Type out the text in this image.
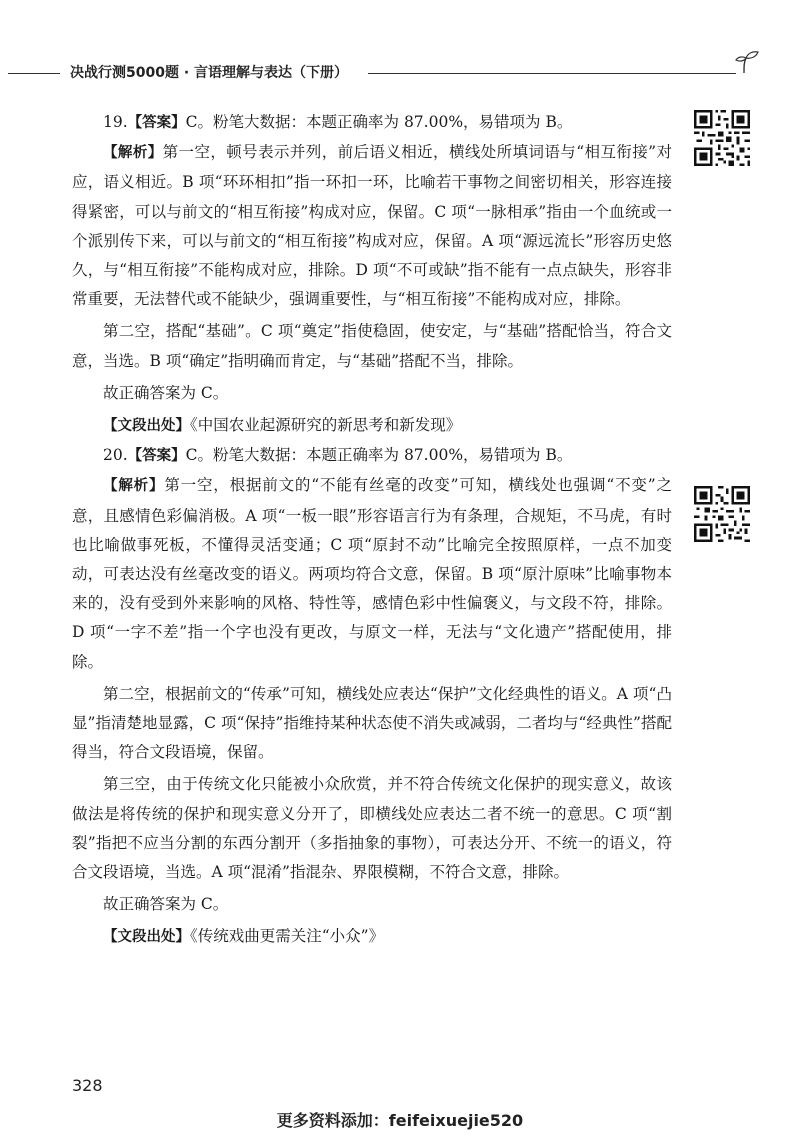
决战行测5000题 · 言语理解与表达（下册）

19.【答案】C。粉笔大数据：本题正确率为 87.00%，易错项为 B。

【解析】第一空，顿号表示并列，前后语义相近，横线处所填词语与“相互衔接”对应，语义相近。B 项“环环相扣”指一环扣一环，比喻若干事物之间密切相关，形容连接得紧密，可以与前文的“相互衔接”构成对应，保留。C 项“一脉相承”指由一个血统或一个派别传下来，可以与前文的“相互衔接”构成对应，保留。A 项“源远流长”形容历史悠久，与“相互衔接”不能构成对应，排除。D 项“不可或缺”指不能有一点点缺失，形容非常重要，无法替代或不能缺少，强调重要性，与“相互衔接”不能构成对应，排除。

第二空，搭配“基础”。C 项“奠定”指使稳固，使安定，与“基础”搭配恰当，符合文意，当选。B 项“确定”指明确而肯定，与“基础”搭配不当，排除。

故正确答案为 C。

【文段出处】《中国农业起源研究的新思考和新发现》

20.【答案】C。粉笔大数据：本题正确率为 87.00%，易错项为 B。

【解析】第一空，根据前文的“不能有丝毫的改变”可知，横线处也强调“不变”之意，且感情色彩偏消极。A 项“一板一眼”形容语言行为有条理，合规矩，不马虎，有时也比喻做事死板，不懂得灵活变通；C 项“原封不动”比喻完全按照原样，一点不加变动，可表达没有丝毫改变的语义。两项均符合文意，保留。B 项“原汁原味”比喻事物本来的，没有受到外来影响的风格、特性等，感情色彩中性偏褒义，与文段不符，排除。D 项“一字不差”指一个字也没有更改，与原文一样，无法与“文化遗产”搭配使用，排除。

第二空，根据前文的“传承”可知，横线处应表达“保护”文化经典性的语义。A 项“凸显”指清楚地显露，C 项“保持”指维持某种状态使不消失或减弱，二者均与“经典性”搭配得当，符合文段语境，保留。

第三空，由于传统文化只能被小众欣赏，并不符合传统文化保护的现实意义，故该做法是将传统的保护和现实意义分开了，即横线处应表达二者不统一的意思。C 项“割裂”指把不应当分割的东西分割开（多指抽象的事物），可表达分开、不统一的语义，符合文段语境，当选。A 项“混淆”指混杂、界限模糊，不符合文意，排除。

故正确答案为 C。

【文段出处】《传统戏曲更需关注“小众”》

328
更多资料添加：feifeixuejie520
